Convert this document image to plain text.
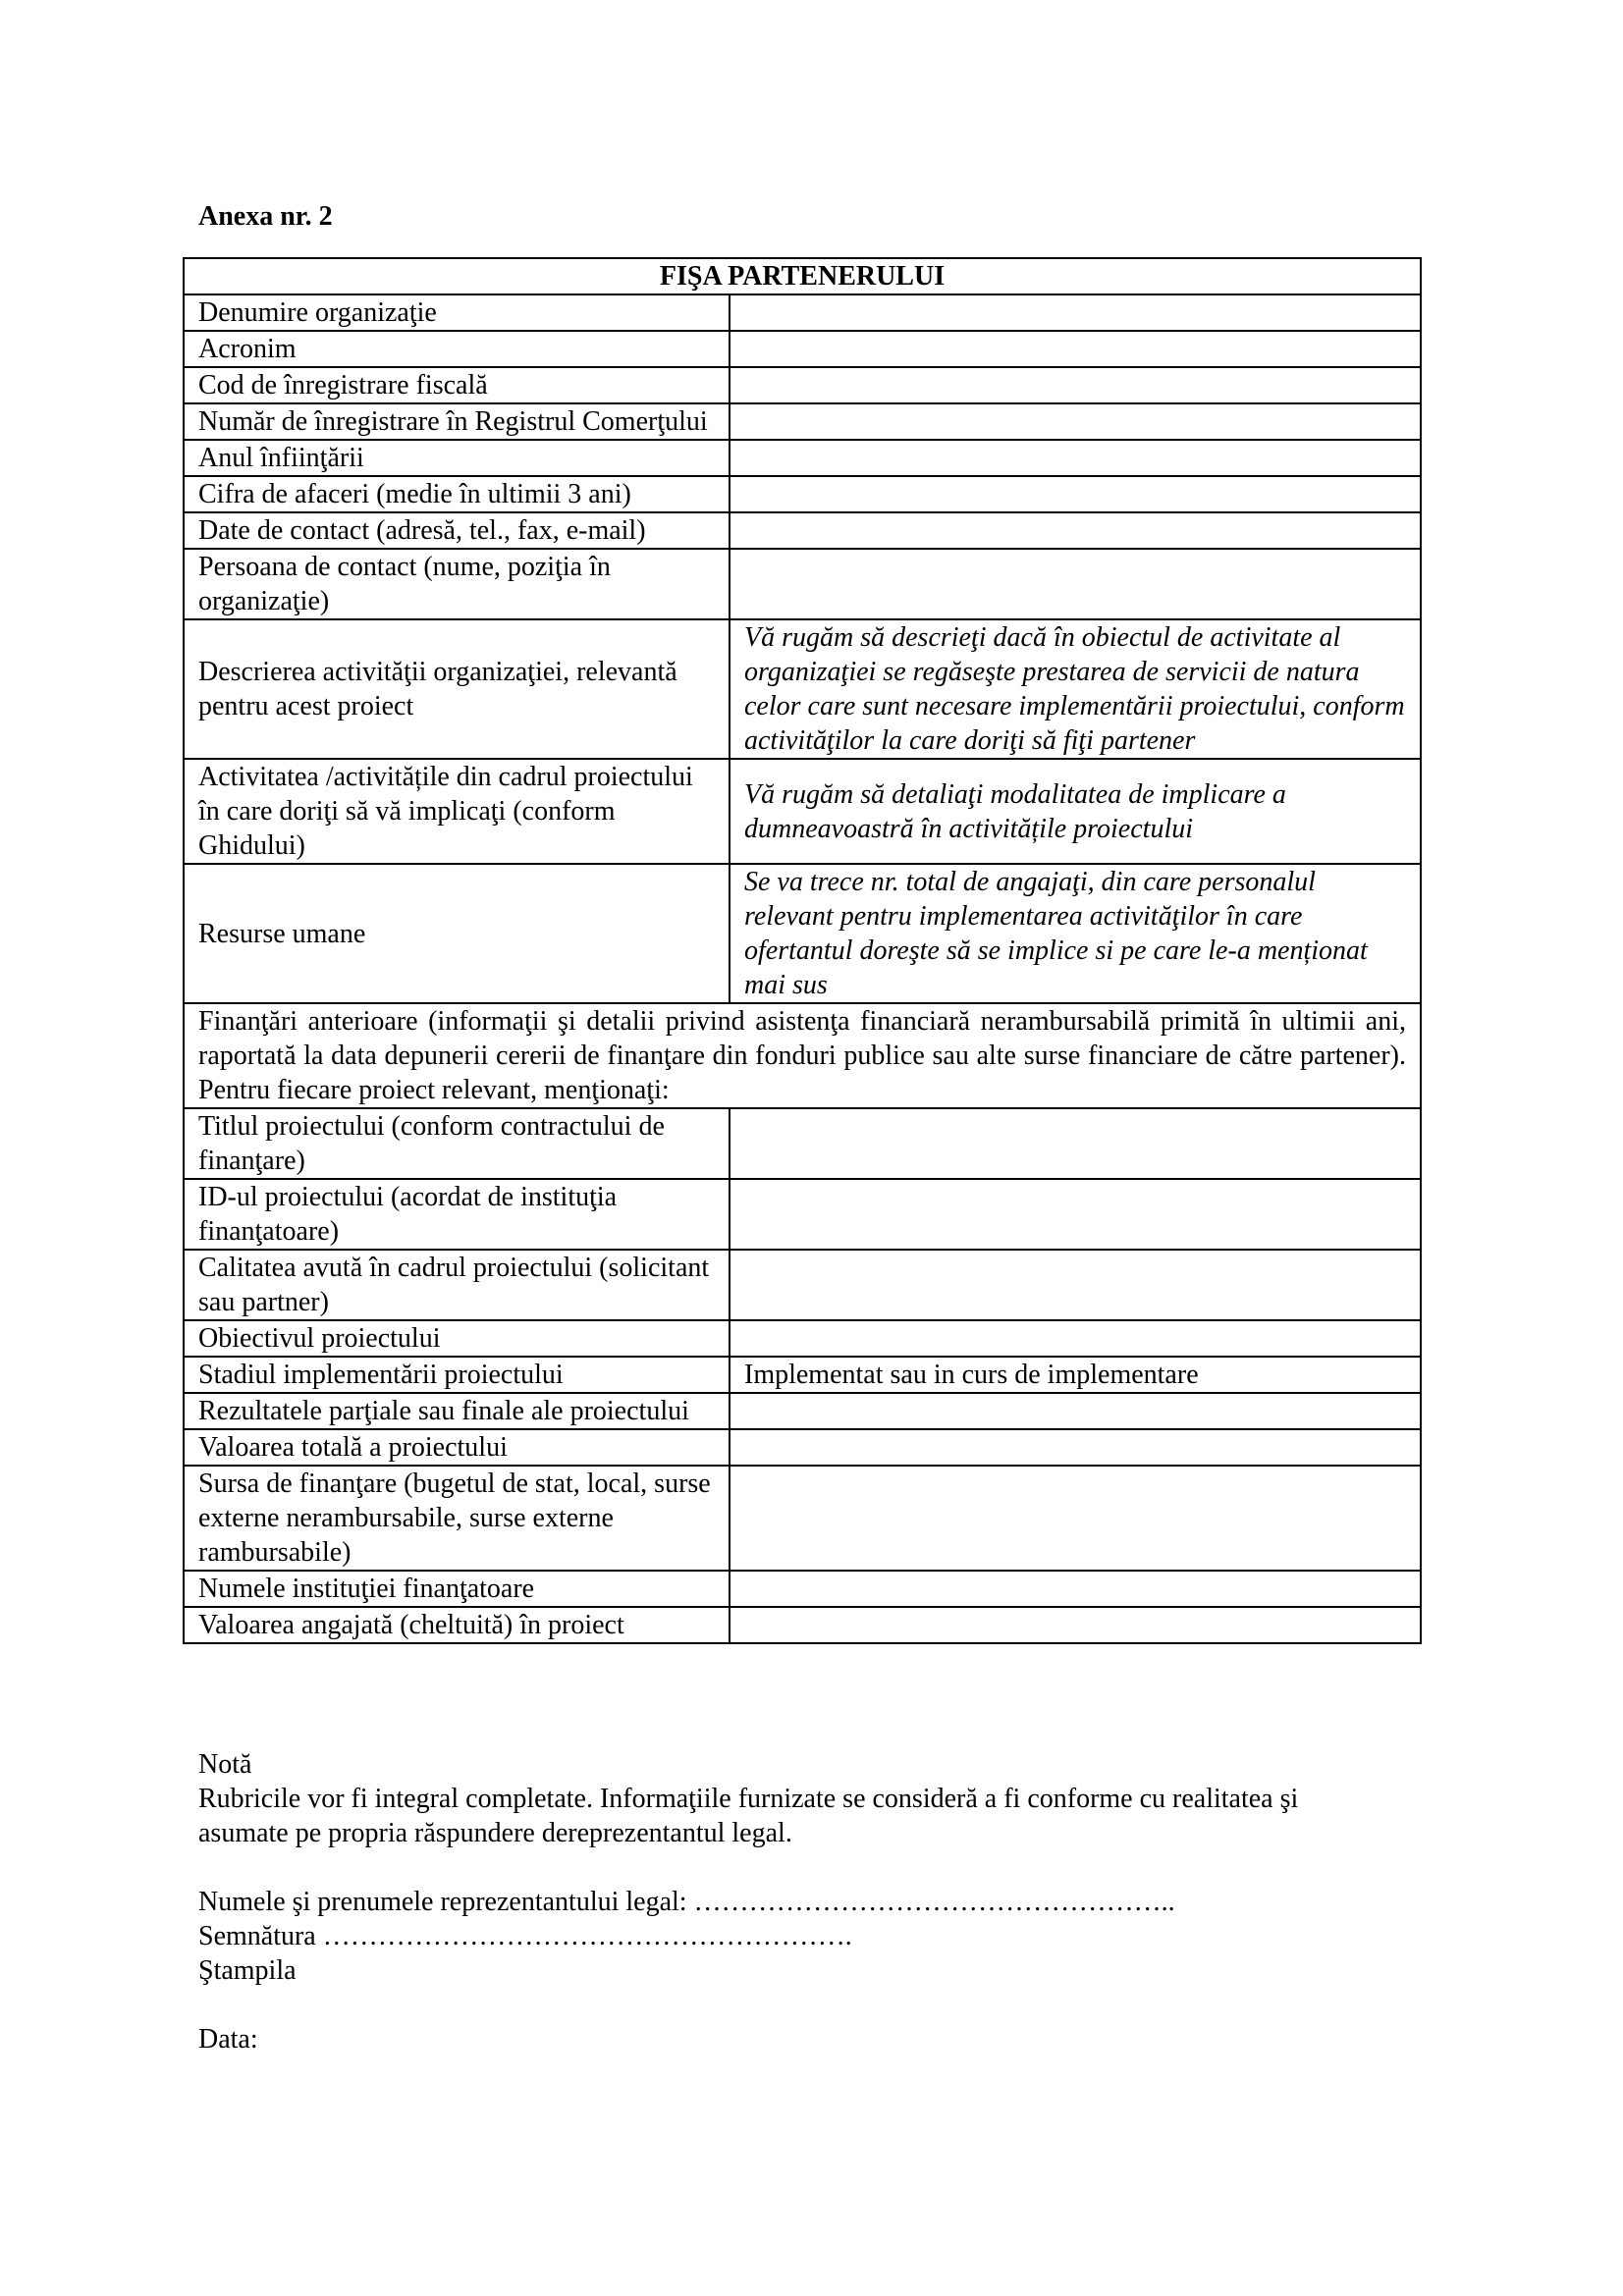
Anexa nr. 2
FIŞA PARTENERULUI	
Denumire organizaţie	
Acronim	
Cod de înregistrare fiscală	
Număr de înregistrare în Registrul Comerţului	
Anul înfiinţării	
Cifra de afaceri (medie în ultimii 3 ani)	
Date de contact (adresă, tel., fax, e-mail)	
Persoana de contact (nume, poziţia în organizaţie)	
Descrierea activităţii organizaţiei, relevantă pentru acest proiect	Vă rugăm să descrieţi dacă în obiectul de activitate al organizaţiei se regăseşte prestarea de servicii de natura celor care sunt necesare implementării proiectului, conform activităţilor la care doriţi să fiţi partener
Activitatea /activitățile din cadrul proiectului în care doriţi să vă implicaţi (conform Ghidului)	Vă rugăm să detaliaţi modalitatea de implicare a dumneavoastră în activitățile proiectului
Resurse umane	Se va trece nr. total de angajaţi, din care personalul relevant pentru implementarea activităţilor în care ofertantul doreşte să se implice si pe care le-a menționat mai sus
Finanţări anterioare (informaţii şi detalii privind asistenţa financiară nerambursabilă primită în ultimii ani, raportată la data depunerii cererii de finanţare din fonduri publice sau alte surse financiare de către partener). Pentru fiecare proiect relevant, menţionaţi:	
Titlul proiectului (conform contractului de finanţare)	
ID-ul proiectului (acordat de instituţia finanţatoare)	
Calitatea avută în cadrul proiectului (solicitant sau partner)	
Obiectivul proiectului	
Stadiul implementării proiectului	Implementat sau in curs de implementare
Rezultatele parţiale sau finale ale proiectului	
Valoarea totală a proiectului	
Sursa de finanţare (bugetul de stat, local, surse externe nerambursabile, surse externe rambursabile)	
Numele instituţiei finanţatoare	
Valoarea angajată (cheltuită) în proiect	

Notă

Rubricile vor fi integral completate. Informaţiile furnizate se consideră a fi conforme cu realitatea şi

asumate pe propria răspundere dereprezentantul legal.

Numele şi prenumele reprezentantului legal: ……………………………………………..

Semnătura ………………………………………………….

Ştampila

Data:
